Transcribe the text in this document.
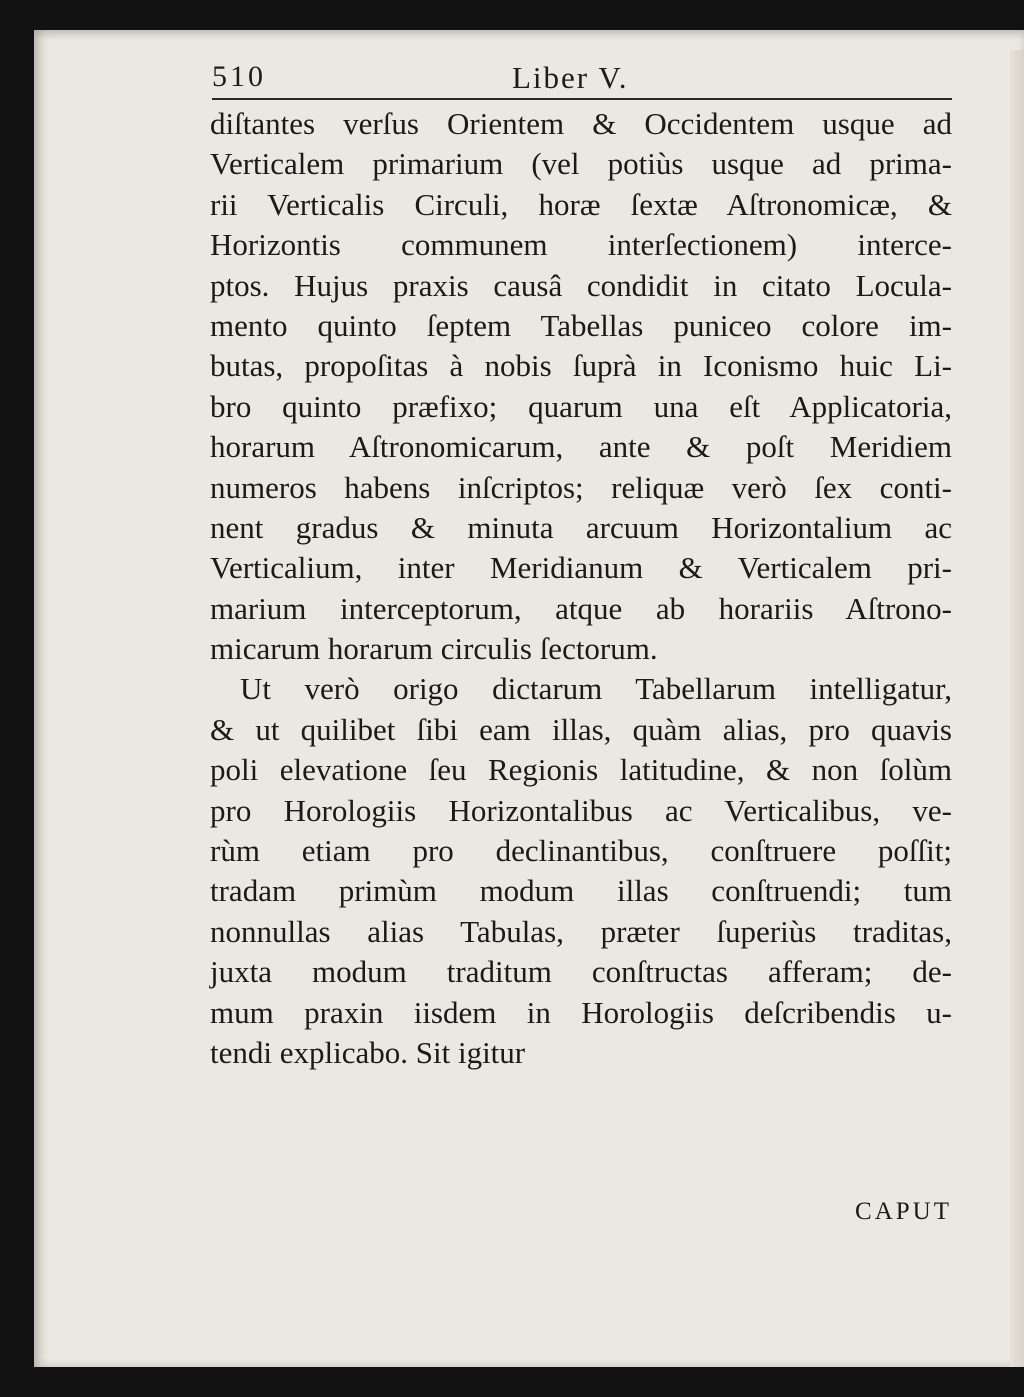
510	Liber V.
diſtantes verſus Orientem & Occidentem usque ad
Verticalem primarium (vel potiùs usque ad prima-
rii Verticalis Circuli, horæ ſextæ Aſtronomicæ, &
Horizontis communem interſectionem) interce-
ptos. Hujus praxis causâ condidit in citato Locula-
mento quinto ſeptem Tabellas puniceo colore im-
butas, propoſitas à nobis ſuprà in Iconismo huic Li-
bro quinto præfixo; quarum una eſt Applicatoria,
horarum Aſtronomicarum, ante & poſt Meridiem
numeros habens inſcriptos; reliquæ verò ſex conti-
nent gradus & minuta arcuum Horizontalium ac
Verticalium, inter Meridianum & Verticalem pri-
marium interceptorum, atque ab horariis Aſtrono-
micarum horarum circulis ſectorum.
Ut verò origo dictarum Tabellarum intelligatur,
& ut quilibet ſibi eam illas, quàm alias, pro quavis
poli elevatione ſeu Regionis latitudine, & non ſolùm
pro Horologiis Horizontalibus ac Verticalibus, ve-
rùm etiam pro declinantibus, conſtruere poſſit;
tradam primùm modum illas conſtruendi; tum
nonnullas alias Tabulas, præter ſuperiùs traditas,
juxta modum traditum conſtructas afferam; de-
mum praxin iisdem in Horologiis deſcribendis u-
tendi explicabo. Sit igitur
CAPUT
